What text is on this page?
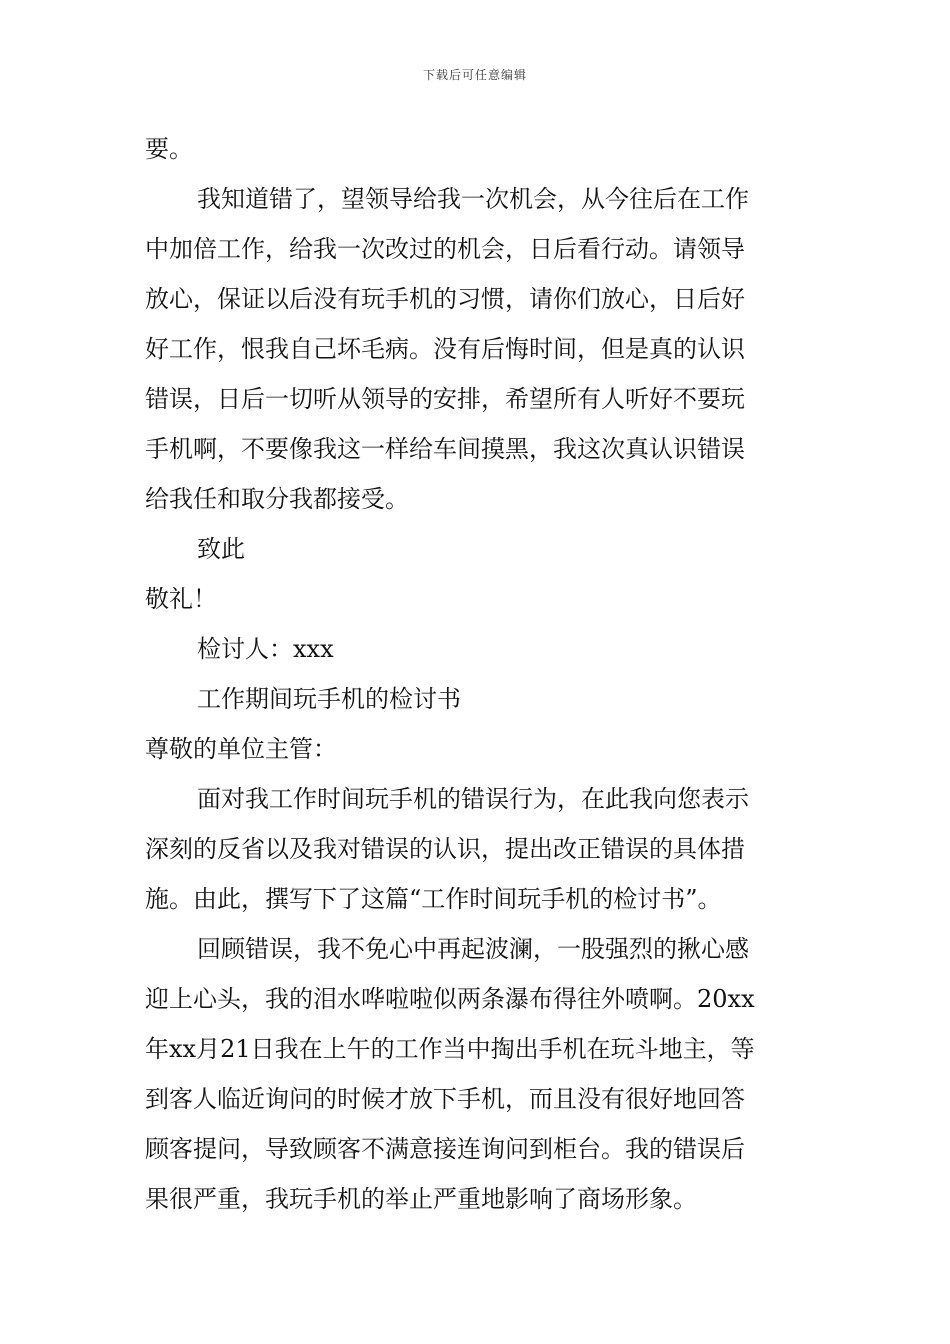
下载后可任意编辑
要。
我知道错了，望领导给我一次机会，从今往后在工作
中加倍工作，给我一次改过的机会，日后看行动。请领导
放心，保证以后没有玩手机的习惯，请你们放心，日后好
好工作，恨我自己坏毛病。没有后悔时间，但是真的认识
错误，日后一切听从领导的安排，希望所有人听好不要玩
手机啊，不要像我这一样给车间摸黑，我这次真认识错误
给我任和取分我都接受。
致此
敬礼！
检讨人：xxx
工作期间玩手机的检讨书
尊敬的单位主管：
面对我工作时间玩手机的错误行为，在此我向您表示
深刻的反省以及我对错误的认识，提出改正错误的具体措
施。由此，撰写下了这篇“工作时间玩手机的检讨书”。
回顾错误，我不免心中再起波澜，一股强烈的揪心感
迎上心头，我的泪水哗啦啦似两条瀑布得往外喷啊。20xx
年xx月21日我在上午的工作当中掏出手机在玩斗地主，等
到客人临近询问的时候才放下手机，而且没有很好地回答
顾客提问，导致顾客不满意接连询问到柜台。我的错误后
果很严重，我玩手机的举止严重地影响了商场形象。
